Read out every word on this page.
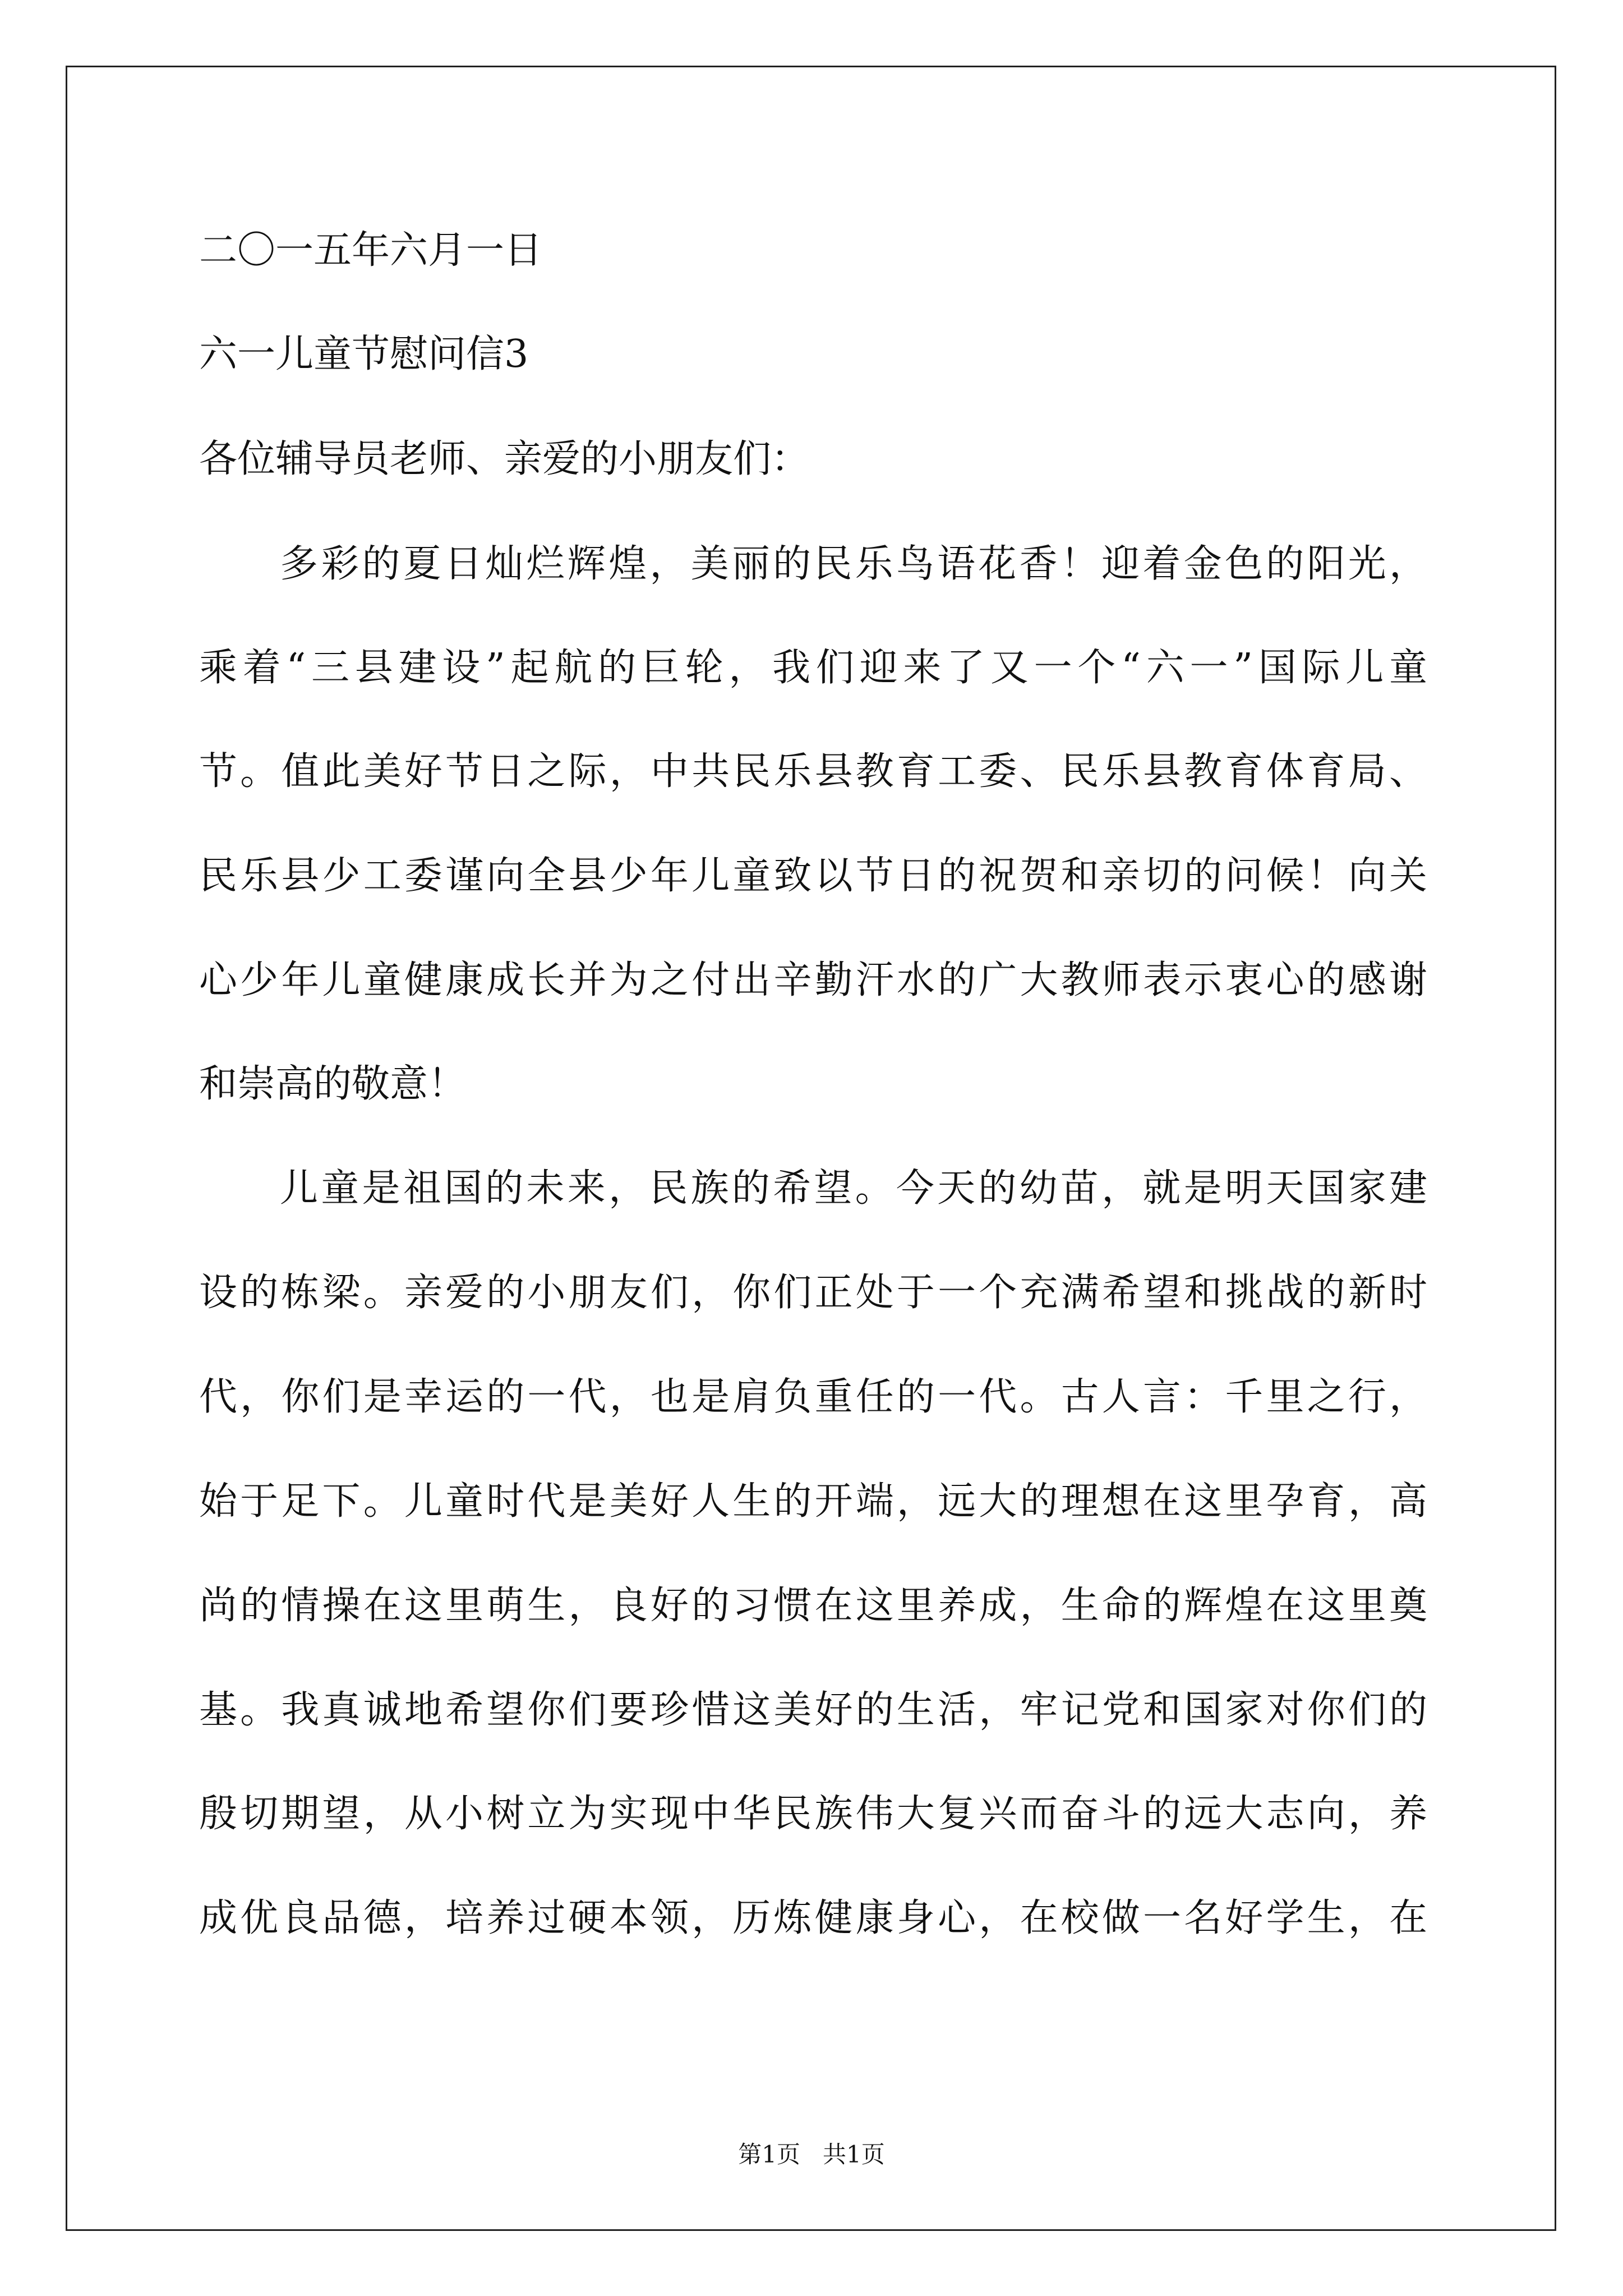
二〇一五年六月一日
六一儿童节慰问信3
各位辅导员老师、亲爱的小朋友们：
多彩的夏日灿烂辉煌，美丽的民乐鸟语花香！迎着金色的阳光，
乘着“三县建设”起航的巨轮，我们迎来了又一个“六一”国际儿童
节。值此美好节日之际，中共民乐县教育工委、民乐县教育体育局、
民乐县少工委谨向全县少年儿童致以节日的祝贺和亲切的问候！向关
心少年儿童健康成长并为之付出辛勤汗水的广大教师表示衷心的感谢
和崇高的敬意！
儿童是祖国的未来，民族的希望。今天的幼苗，就是明天国家建
设的栋梁。亲爱的小朋友们，你们正处于一个充满希望和挑战的新时
代，你们是幸运的一代，也是肩负重任的一代。古人言：千里之行，
始于足下。儿童时代是美好人生的开端，远大的理想在这里孕育，高
尚的情操在这里萌生，良好的习惯在这里养成，生命的辉煌在这里奠
基。我真诚地希望你们要珍惜这美好的生活，牢记党和国家对你们的
殷切期望，从小树立为实现中华民族伟大复兴而奋斗的远大志向，养
成优良品德，培养过硬本领，历炼健康身心，在校做一名好学生，在
第1页   共1页
